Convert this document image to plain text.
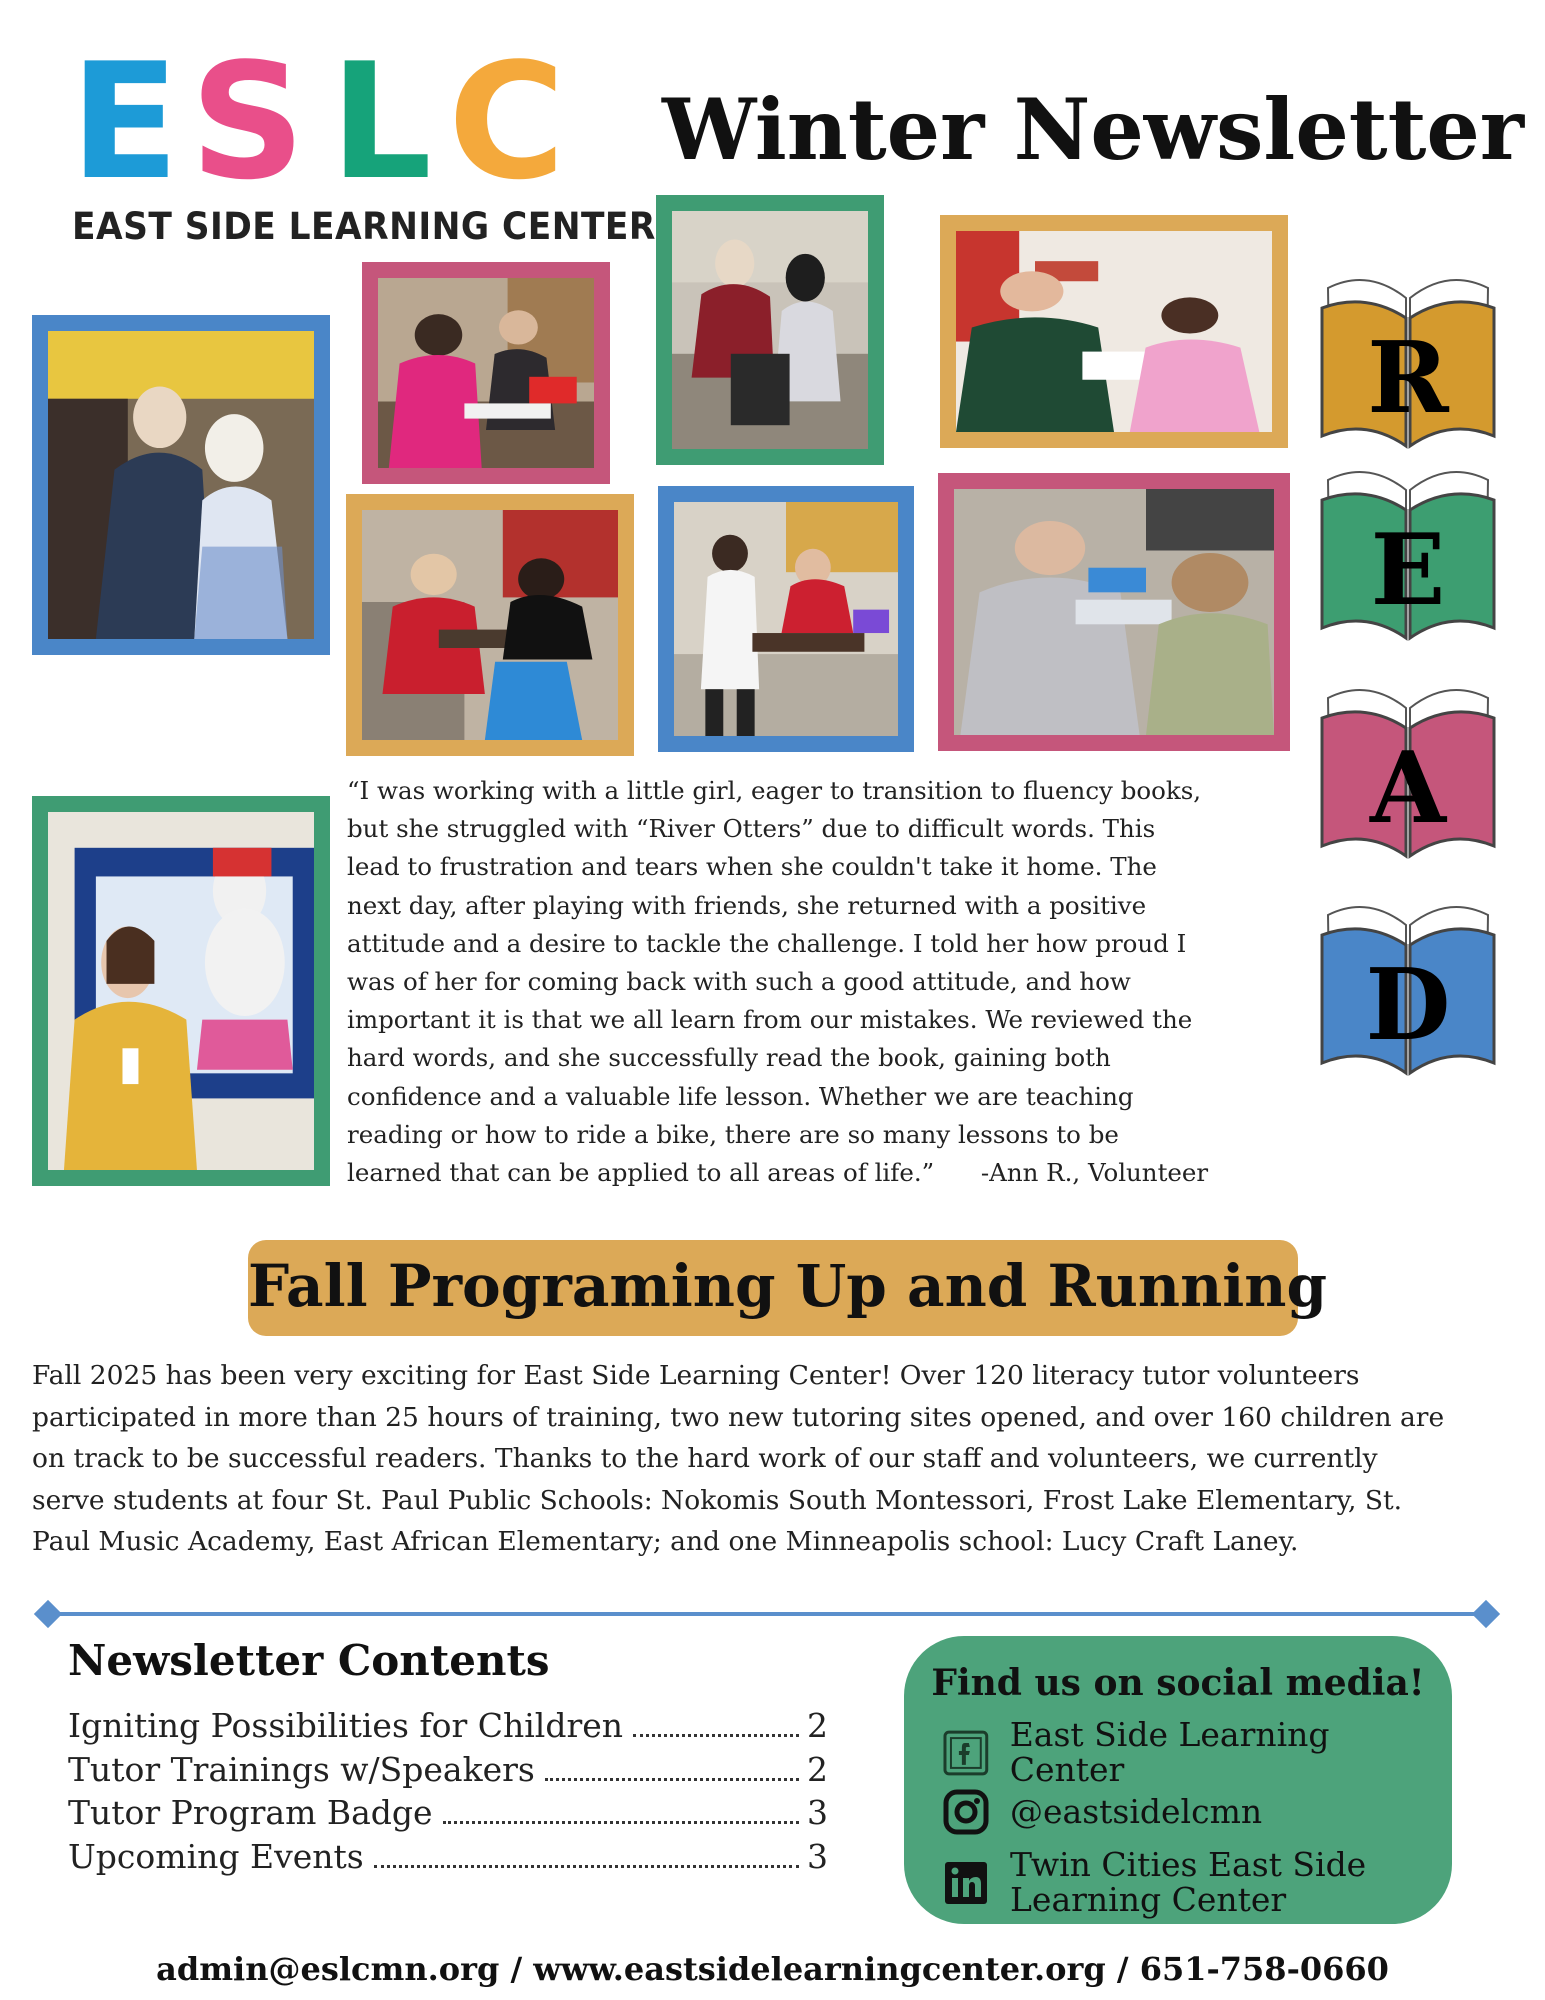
E S L C
EAST SIDE LEARNING CENTER
Winter Newsletter
R
E
A
D
“I was working with a little girl, eager to transition to fluency books,
but she struggled with “River Otters” due to difficult words. This
lead to frustration and tears when she couldn't take it home. The
next day, after playing with friends, she returned with a positive
attitude and a desire to tackle the challenge. I told her how proud I
was of her for coming back with such a good attitude, and how
important it is that we all learn from our mistakes. We reviewed the
hard words, and she successfully read the book, gaining both
confidence and a valuable life lesson. Whether we are teaching
reading or how to ride a bike, there are so many lessons to be
learned that can be applied to all areas of life.”      -Ann R., Volunteer
Fall Programing Up and Running
Fall 2025 has been very exciting for East Side Learning Center! Over 120 literacy tutor volunteers
participated in more than 25 hours of training, two new tutoring sites opened, and over 160 children are
on track to be successful readers. Thanks to the hard work of our staff and volunteers, we currently
serve students at four St. Paul Public Schools: Nokomis South Montessori, Frost Lake Elementary, St.
Paul Music Academy, East African Elementary; and one Minneapolis school: Lucy Craft Laney.
Newsletter Contents
Igniting Possibilities for Children	2
Tutor Trainings w/Speakers	2
Tutor Program Badge	3
Upcoming Events	3
Find us on social media!
East Side Learning Center
@eastsidelcmn
Twin Cities East Side
Learning Center
admin@eslcmn.org / www.eastsidelearningcenter.org / 651-758-0660
